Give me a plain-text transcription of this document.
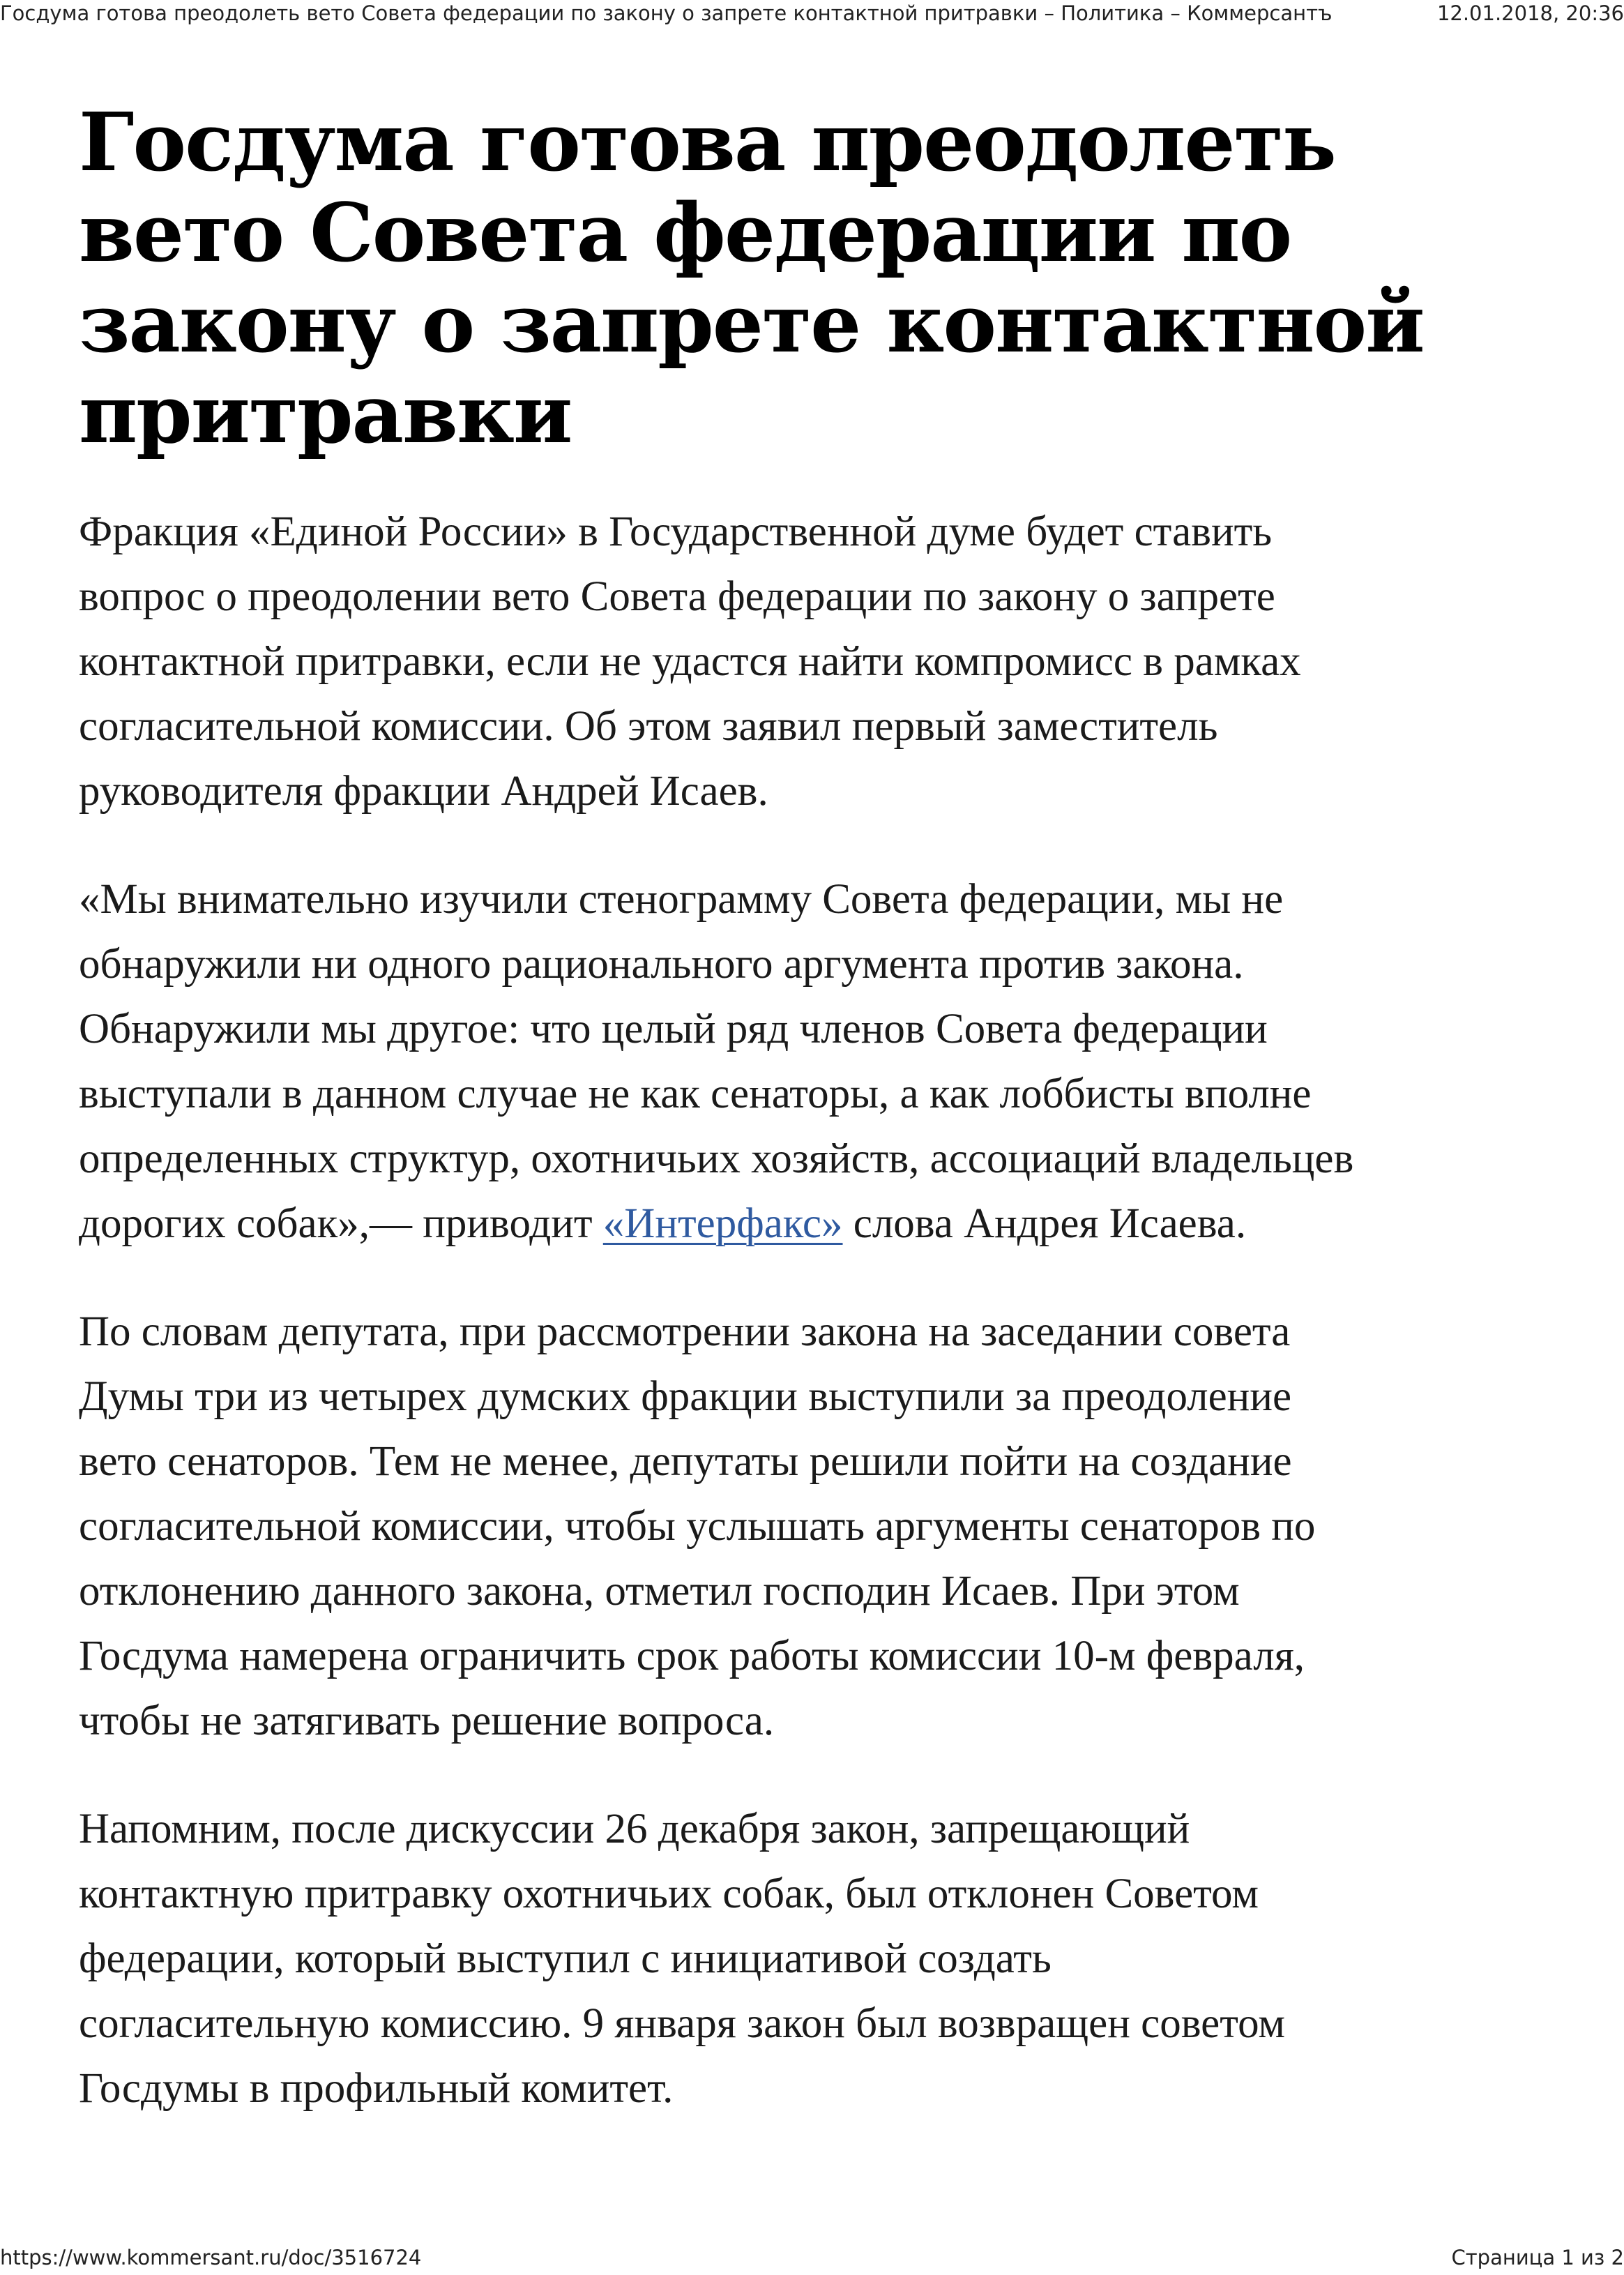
Госдума готова преодолеть вето Совета федерации по закону о запрете контактной притравки – Политика – Коммерсантъ	12.01.2018, 20:36
Госдума готова преодолеть
вето Совета федерации по
закону о запрете контактной
притравки
Фракция «Единой России» в Государственной думе будет ставить
вопрос о преодолении вето Совета федерации по закону о запрете
контактной притравки, если не удастся найти компромисс в рамках
согласительной комиссии. Об этом заявил первый заместитель
руководителя фракции Андрей Исаев.
«Мы внимательно изучили стенограмму Совета федерации, мы не
обнаружили ни одного рационального аргумента против закона.
Обнаружили мы другое: что целый ряд членов Совета федерации
выступали в данном случае не как сенаторы, а как лоббисты вполне
определенных структур, охотничьих хозяйств, ассоциаций владельцев
дорогих собак»,— приводит «Интерфакс» слова Андрея Исаева.
По словам депутата, при рассмотрении закона на заседании совета
Думы три из четырех думских фракции выступили за преодоление
вето сенаторов. Тем не менее, депутаты решили пойти на создание
согласительной комиссии, чтобы услышать аргументы сенаторов по
отклонению данного закона, отметил господин Исаев. При этом
Госдума намерена ограничить срок работы комиссии 10-м февраля,
чтобы не затягивать решение вопроса.
Напомним, после дискуссии 26 декабря закон, запрещающий
контактную притравку охотничьих собак, был отклонен Советом
федерации, который выступил с инициативой создать
согласительную комиссию. 9 января закон был возвращен советом
Госдумы в профильный комитет.
https://www.kommersant.ru/doc/3516724	Страница 1 из 2
